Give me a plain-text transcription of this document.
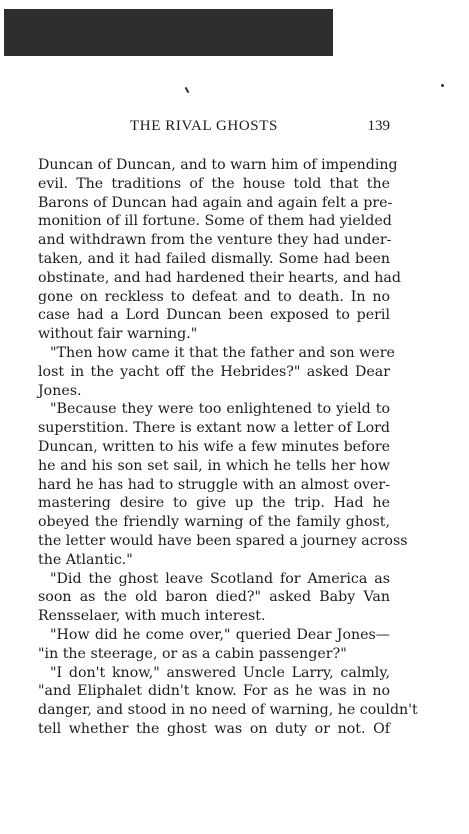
THE RIVAL GHOSTS	139
Duncan of Duncan, and to warn him of impending
evil. The traditions of the house told that the
Barons of Duncan had again and again felt a pre-
monition of ill fortune. Some of them had yielded
and withdrawn from the venture they had under-
taken, and it had failed dismally. Some had been
obstinate, and had hardened their hearts, and had
gone on reckless to defeat and to death. In no
case had a Lord Duncan been exposed to peril
without fair warning."
"Then how came it that the father and son were
lost in the yacht off the Hebrides?" asked Dear
Jones.
"Because they were too enlightened to yield to
superstition. There is extant now a letter of Lord
Duncan, written to his wife a few minutes before
he and his son set sail, in which he tells her how
hard he has had to struggle with an almost over-
mastering desire to give up the trip. Had he
obeyed the friendly warning of the family ghost,
the letter would have been spared a journey across
the Atlantic."
"Did the ghost leave Scotland for America as
soon as the old baron died?" asked Baby Van
Rensselaer, with much interest.
"How did he come over," queried Dear Jones—
"in the steerage, or as a cabin passenger?"
"I don't know," answered Uncle Larry, calmly,
"and Eliphalet didn't know. For as he was in no
danger, and stood in no need of warning, he couldn't
tell whether the ghost was on duty or not. Of
